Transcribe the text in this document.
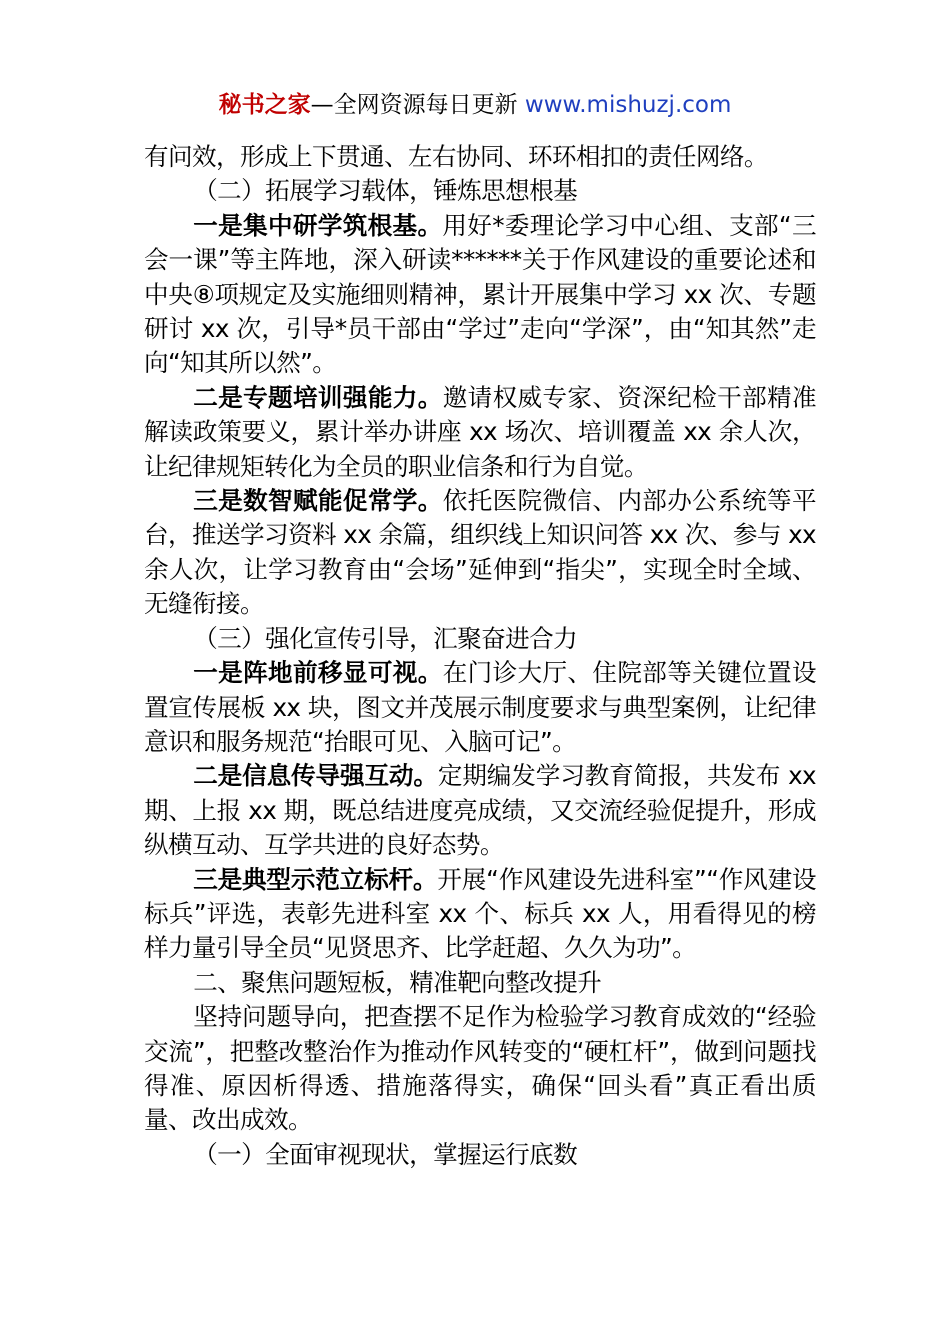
秘书之家—全网资源每日更新 www.mishuzj.com

有问效，形成上下贯通、左右协同、环环相扣的责任网络。

（二）拓展学习载体，锤炼思想根基

一是集中研学筑根基。用好*委理论学习中心组、支部“三会一课”等主阵地，深入研读******关于作风建设的重要论述和中央⑧项规定及实施细则精神，累计开展集中学习 xx 次、专题研讨 xx 次，引导*员干部由“学过”走向“学深”，由“知其然”走向“知其所以然”。

二是专题培训强能力。邀请权威专家、资深纪检干部精准解读政策要义，累计举办讲座 xx 场次、培训覆盖 xx 余人次，让纪律规矩转化为全员的职业信条和行为自觉。

三是数智赋能促常学。依托医院微信、内部办公系统等平台，推送学习资料 xx 余篇，组织线上知识问答 xx 次、参与 xx 余人次，让学习教育由“会场”延伸到“指尖”，实现全时全域、无缝衔接。

（三）强化宣传引导，汇聚奋进合力

一是阵地前移显可视。在门诊大厅、住院部等关键位置设置宣传展板 xx 块，图文并茂展示制度要求与典型案例，让纪律意识和服务规范“抬眼可见、入脑可记”。

二是信息传导强互动。定期编发学习教育简报，共发布 xx 期、上报 xx 期，既总结进度亮成绩，又交流经验促提升，形成纵横互动、互学共进的良好态势。

三是典型示范立标杆。开展“作风建设先进科室”“作风建设标兵”评选，表彰先进科室 xx 个、标兵 xx 人，用看得见的榜样力量引导全员“见贤思齐、比学赶超、久久为功”。

二、聚焦问题短板，精准靶向整改提升

坚持问题导向，把查摆不足作为检验学习教育成效的“经验交流”，把整改整治作为推动作风转变的“硬杠杆”，做到问题找得准、原因析得透、措施落得实，确保“回头看”真正看出质量、改出成效。

（一）全面审视现状，掌握运行底数
